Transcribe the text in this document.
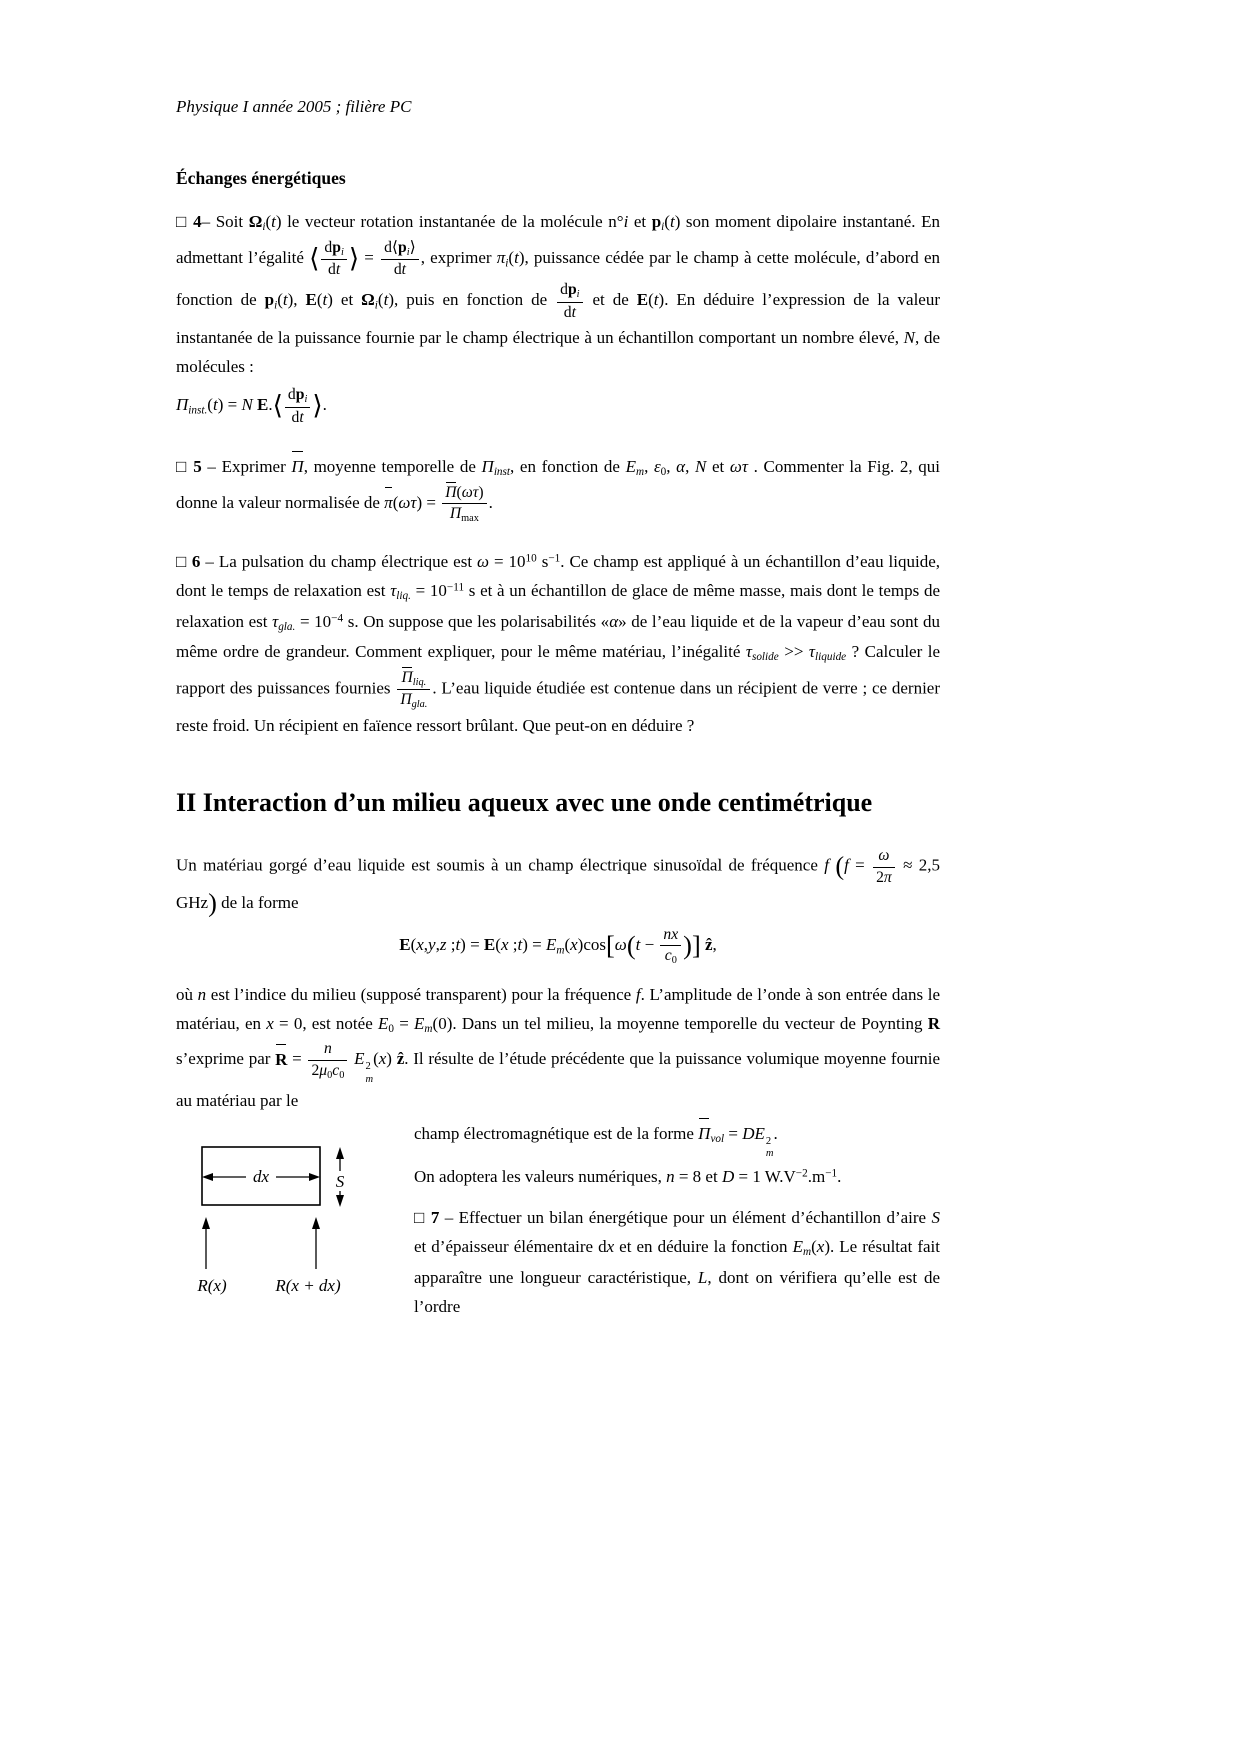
Physique I année 2005 ; filière PC
Échanges énergétiques

□ 4– Soit Ωi(t) le vecteur rotation instantanée de la molécule n°i et pi(t) son moment dipolaire instantané. En admettant l’égalité ⟨ $\frac{\text{dpi}}{dt}$ ⟩ = $\frac{d⟨pi⟩}{dt}$ , exprimer πi(t), puissance cédée par le champ à cette molécule, d’abord en fonction de pi(t), E(t) et Ωi(t), puis en fonction de $\frac{\text{dpi}}{dt}$ et de E(t). En déduire l’expression de la valeur instantanée de la puissance fournie par le champ électrique à un échantillon comportant un nombre élevé, N, de molécules :

Πinst.(t) = N E.⟨ $\frac{\text{dpi}}{dt}$ ⟩.

□ 5 – Exprimer Π, moyenne temporelle de Πinst, en fonction de Em, ε0, α, N et ωτ . Commenter la Fig. 2, qui donne la valeur normalisée de $\pi(\omega\tau) = \frac{\Pi(\omega\tau)}{\Pi\max}$ .

□ 6 – La pulsation du champ électrique est $\omega = 10^{10}$ $s^{-1}$. Ce champ est appliqué à un échantillon d’eau liquide, dont le temps de relaxation est τliq. = $10^{-11}$ s et à un échantillon de glace de même masse, mais dont le temps de relaxation est τgla. = $10^{-4}$ s. On suppose que les polarisabilités «α» de l’eau liquide et de la vapeur d’eau sont du même ordre de grandeur. Comment expliquer, pour le même matériau, l’inégalité τsolide >> τliquide ? Calculer le rapport des puissances fournies $\frac{\text{Πliq.}}{\text{Πgla.}}$ . L’eau liquide étudiée est contenue dans un récipient de verre ; ce dernier reste froid. Un récipient en faïence ressort brûlant. Que peut-on en déduire ?

II Interaction d’un milieu aqueux avec une onde centimétrique

Un matériau gorgé d’eau liquide est soumis à un champ électrique sinusoïdal de fréquence f ($f = \frac{\omega}{2\pi} \approx 2,5$ GHz) de la forme

E(x,y,z ;t) = E(x ;t) = $Em(x)\cos[\omega(t - \frac{nx}{c0}$ )] ẑ,

où n est l’indice du milieu (supposé transparent) pour la fréquence f. L’amplitude de l’onde à son entrée dans le matériau, en x = 0, est notée E0 = Em(0). Dans un tel milieu, la moyenne temporelle du vecteur de Poynting R s’exprime par $R = \frac{n}{2\mu 0c0}$ E 2
m
(x) ẑ. Il résulte de l’étude précédente que la puissance volumique moyenne fournie au matériau par le

dx	S
R(x)	R(x + dx)

champ électromagnétique est de la forme Πvol = DE 2
m
.

On adoptera les valeurs numériques, n = 8 et D = 1 $W.V^{-2}.m^{-1}$.

□ 7 – Effectuer un bilan énergétique pour un élément d’échantillon d’aire S et d’épaisseur élémentaire dx et en déduire la fonction Em(x). Le résultat fait apparaître une longueur caractéristique, L, dont on vérifiera qu’elle est de l’ordre
